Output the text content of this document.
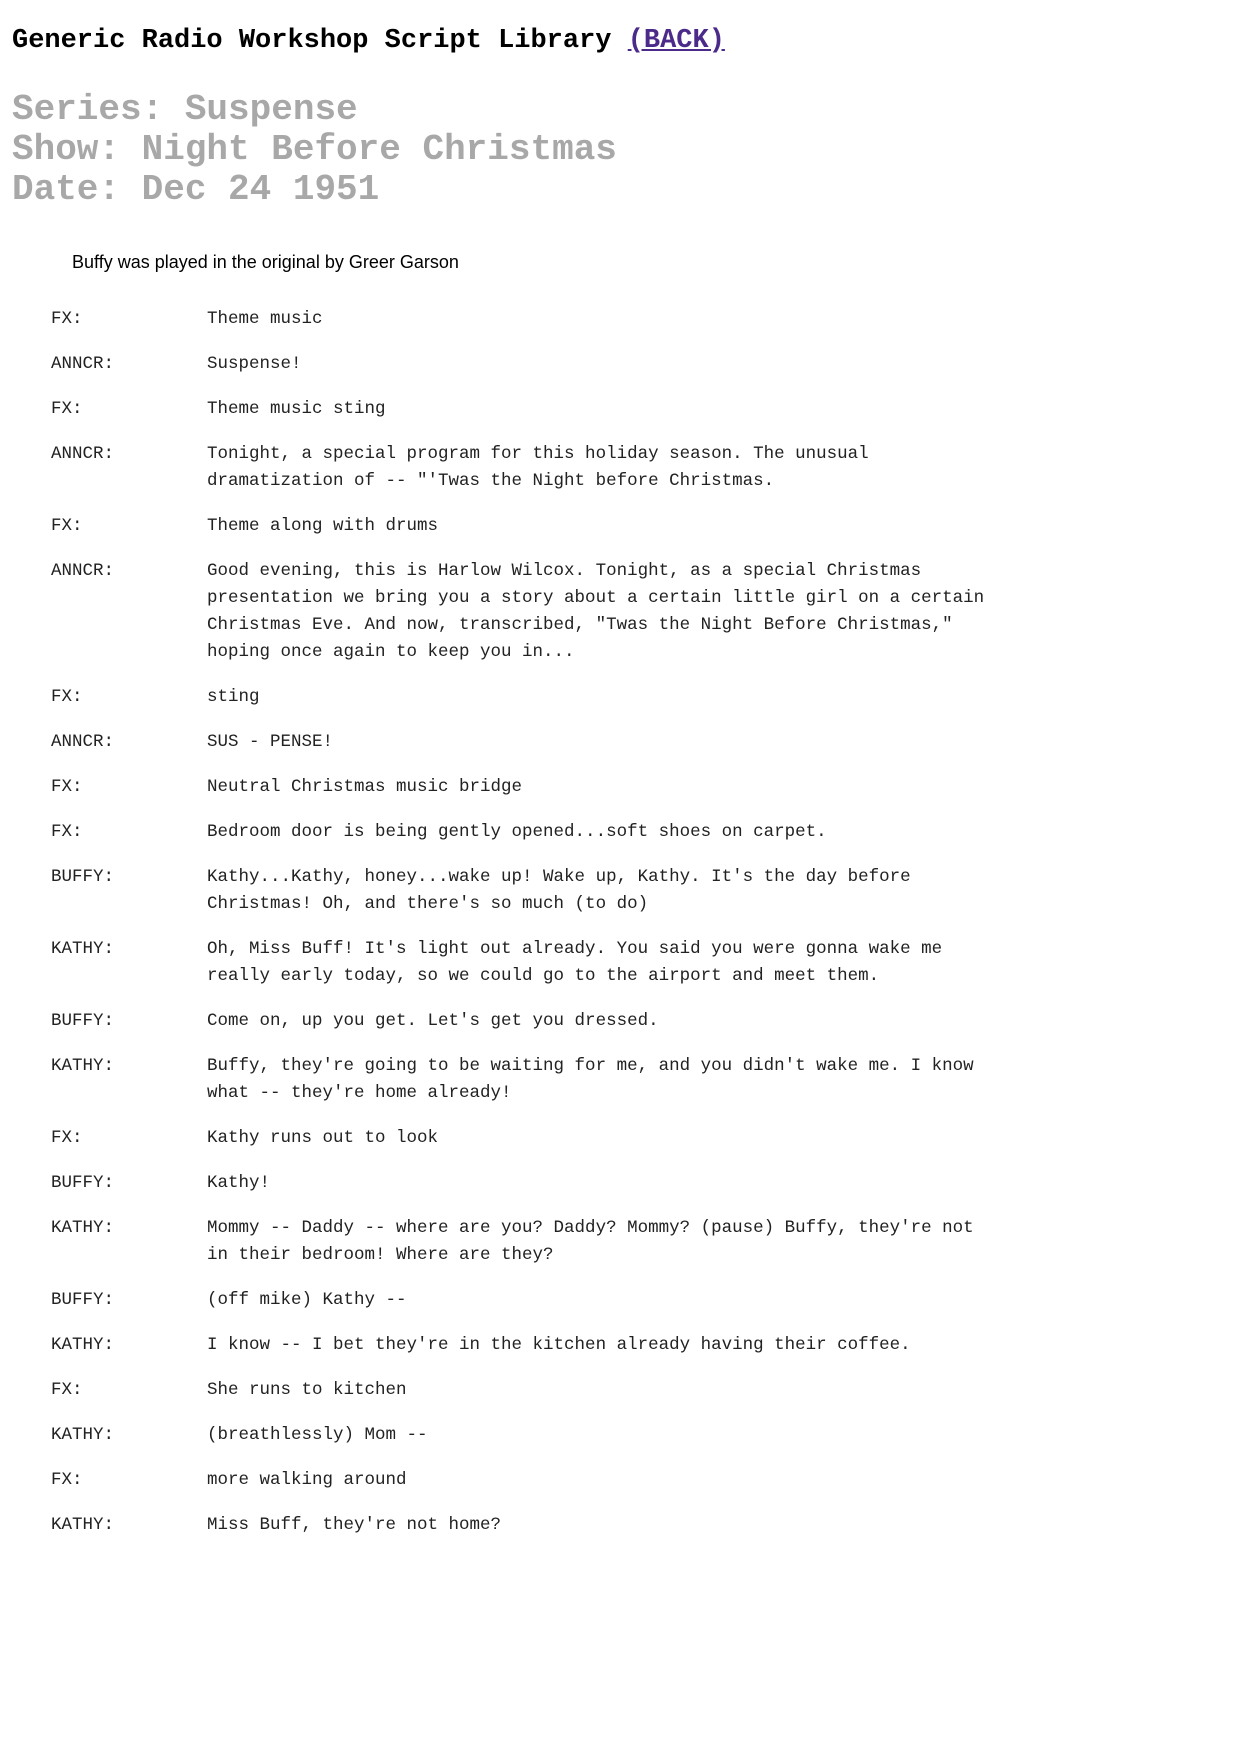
Generic Radio Workshop Script Library (BACK)
Series: Suspense
Show: Night Before Christmas
Date: Dec 24 1951
Buffy was played in the original by Greer Garson
FX:	Theme music
ANNCR:	Suspense!
FX:	Theme music sting
ANNCR:	Tonight, a special program for this holiday season. The unusual dramatization of -- "'Twas the Night before Christmas.
FX:	Theme along with drums
ANNCR:	Good evening, this is Harlow Wilcox. Tonight, as a special Christmas presentation we bring you a story about a certain little girl on a certain Christmas Eve. And now, transcribed, "Twas the Night Before Christmas," hoping once again to keep you in...
FX:	sting
ANNCR:	SUS - PENSE!
FX:	Neutral Christmas music bridge
FX:	Bedroom door is being gently opened...soft shoes on carpet.
BUFFY:	Kathy...Kathy, honey...wake up! Wake up, Kathy. It's the day before Christmas! Oh, and there's so much (to do)
KATHY:	Oh, Miss Buff! It's light out already. You said you were gonna wake me really early today, so we could go to the airport and meet them.
BUFFY:	Come on, up you get. Let's get you dressed.
KATHY:	Buffy, they're going to be waiting for me, and you didn't wake me. I know what -- they're home already!
FX:	Kathy runs out to look
BUFFY:	Kathy!
KATHY:	Mommy -- Daddy -- where are you? Daddy? Mommy? (pause) Buffy, they're not in their bedroom! Where are they?
BUFFY:	(off mike) Kathy --
KATHY:	I know -- I bet they're in the kitchen already having their coffee.
FX:	She runs to kitchen
KATHY:	(breathlessly) Mom --
FX:	more walking around
KATHY:	Miss Buff, they're not home?
